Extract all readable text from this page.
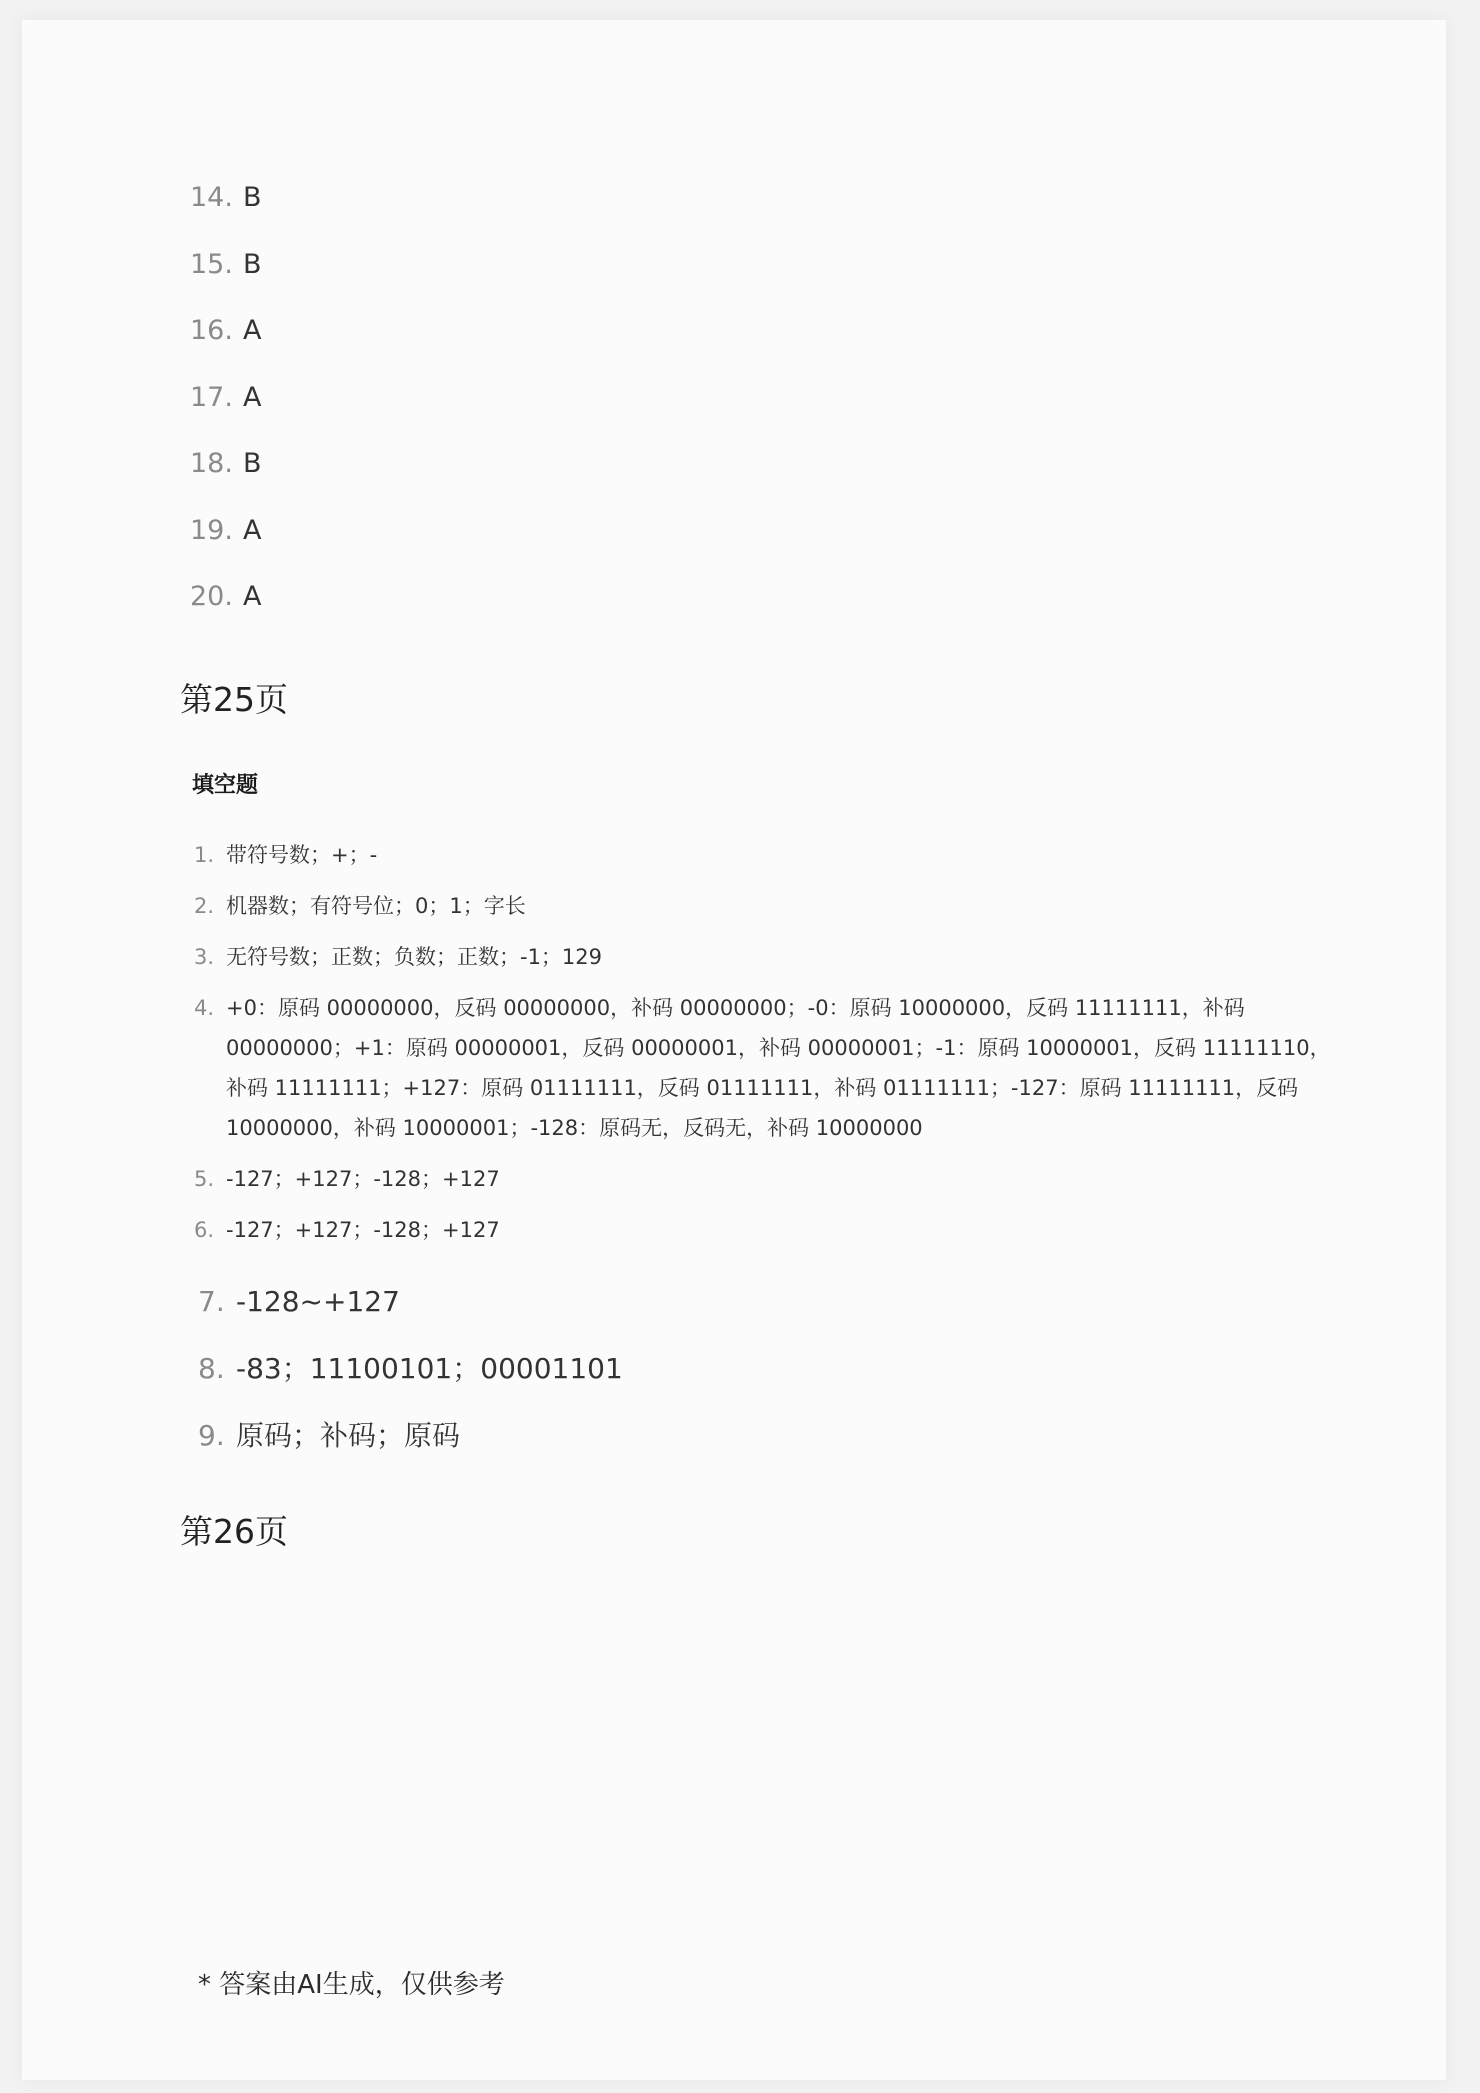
14. B
15. B
16. A
17. A
18. B
19. A
20. A
第25页
填空题
1. 带符号数；+；-
2. 机器数；有符号位；0；1；字长
3. 无符号数；正数；负数；正数；-1；129
4. +0：原码 00000000，反码 00000000，补码 00000000；-0：原码 10000000，反码 11111111，补码 00000000；+1：原码 00000001，反码 00000001，补码 00000001；-1：原码 10000001，反码 11111110，补码 11111111；+127：原码 01111111，反码 01111111，补码 01111111；-127：原码 11111111，反码 10000000，补码 10000001；-128：原码无，反码无，补码 10000000
5. -127；+127；-128；+127
6. -127；+127；-128；+127
7. -128~+127
8. -83；11100101；00001101
9. 原码；补码；原码
第26页
* 答案由AI生成，仅供参考
